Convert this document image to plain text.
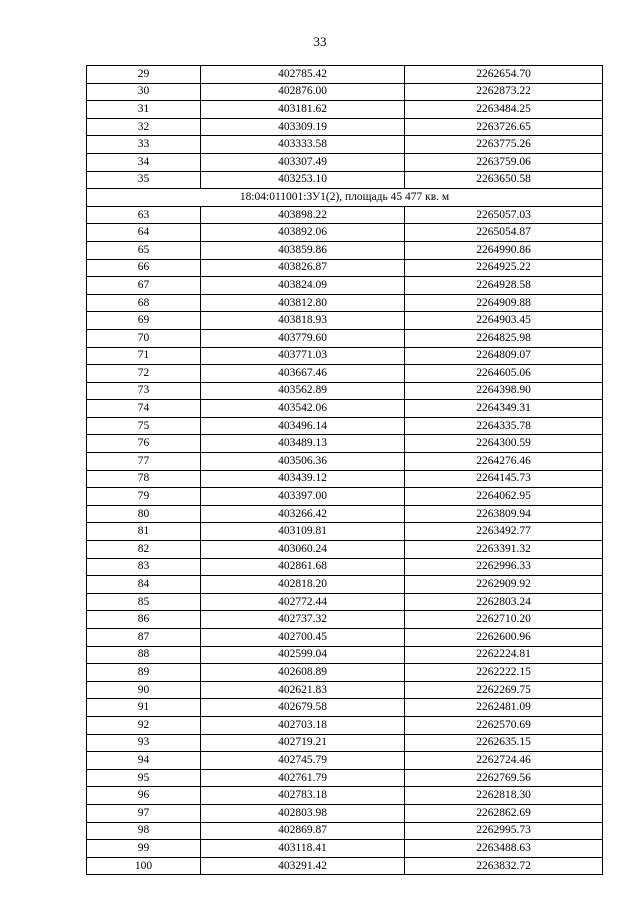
33
29	402785.42	2262654.70
30	402876.00	2262873.22
31	403181.62	2263484.25
32	403309.19	2263726.65
33	403333.58	2263775.26
34	403307.49	2263759.06
35	403253.10	2263650.58
18:04:011001:ЗУ1(2), площадь 45 477 кв. м		
63	403898.22	2265057.03
64	403892.06	2265054.87
65	403859.86	2264990.86
66	403826.87	2264925.22
67	403824.09	2264928.58
68	403812.80	2264909.88
69	403818.93	2264903.45
70	403779.60	2264825.98
71	403771.03	2264809.07
72	403667.46	2264605.06
73	403562.89	2264398.90
74	403542.06	2264349.31
75	403496.14	2264335.78
76	403489.13	2264300.59
77	403506.36	2264276.46
78	403439.12	2264145.73
79	403397.00	2264062.95
80	403266.42	2263809.94
81	403109.81	2263492.77
82	403060.24	2263391.32
83	402861.68	2262996.33
84	402818.20	2262909.92
85	402772.44	2262803.24
86	402737.32	2262710.20
87	402700.45	2262600.96
88	402599.04	2262224.81
89	402608.89	2262222.15
90	402621.83	2262269.75
91	402679.58	2262481.09
92	402703.18	2262570.69
93	402719.21	2262635.15
94	402745.79	2262724.46
95	402761.79	2262769.56
96	402783.18	2262818.30
97	402803.98	2262862.69
98	402869.87	2262995.73
99	403118.41	2263488.63
100	403291.42	2263832.72
